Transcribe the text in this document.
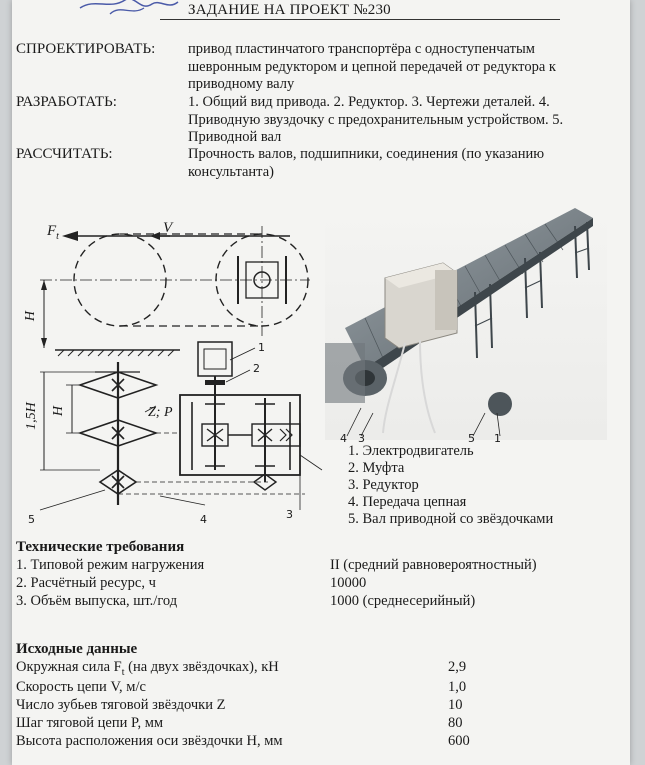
ЗАДАНИЕ НА ПРОЕКТ №230
СПРОЕКТИРОВАТЬ: привод пластинчатого транспортёра с одноступенчатым шевронным редуктором и цепной передачей от редуктора к приводному валу
РАЗРАБОТАТЬ:	1. Общий вид привода. 2. Редуктор. 3. Чертежи деталей. 4. Приводную звуздочку с предохранительным устройством. 5. Приводной вал
РАССЧИТАТЬ:	Прочность валов, подшипники, соединения (по указанию консультанта)
$F_t$
V
H
1,5H H	Z; P
1
2
3
4
5
4 3	5 1
1. Электродвигатель
2. Муфта
3. Редуктор
4. Передача цепная
5. Вал приводной со звёздочками
Технические требования
1. Типовой режим нагружения	II (средний равновероятностный)
2. Расчётный ресурс, ч	10000
3. Объём выпуска, шт./год	1000 (среднесерийный)
Исходные данные
Окружная сила $F_t$ (на двух звёздочках), кН	2,9
Скорость цепи V, м/с	1,0
Число зубьев тяговой звёздочки Z	10
Шаг тяговой цепи P, мм	80
Высота расположения оси звёздочки H, мм	600
